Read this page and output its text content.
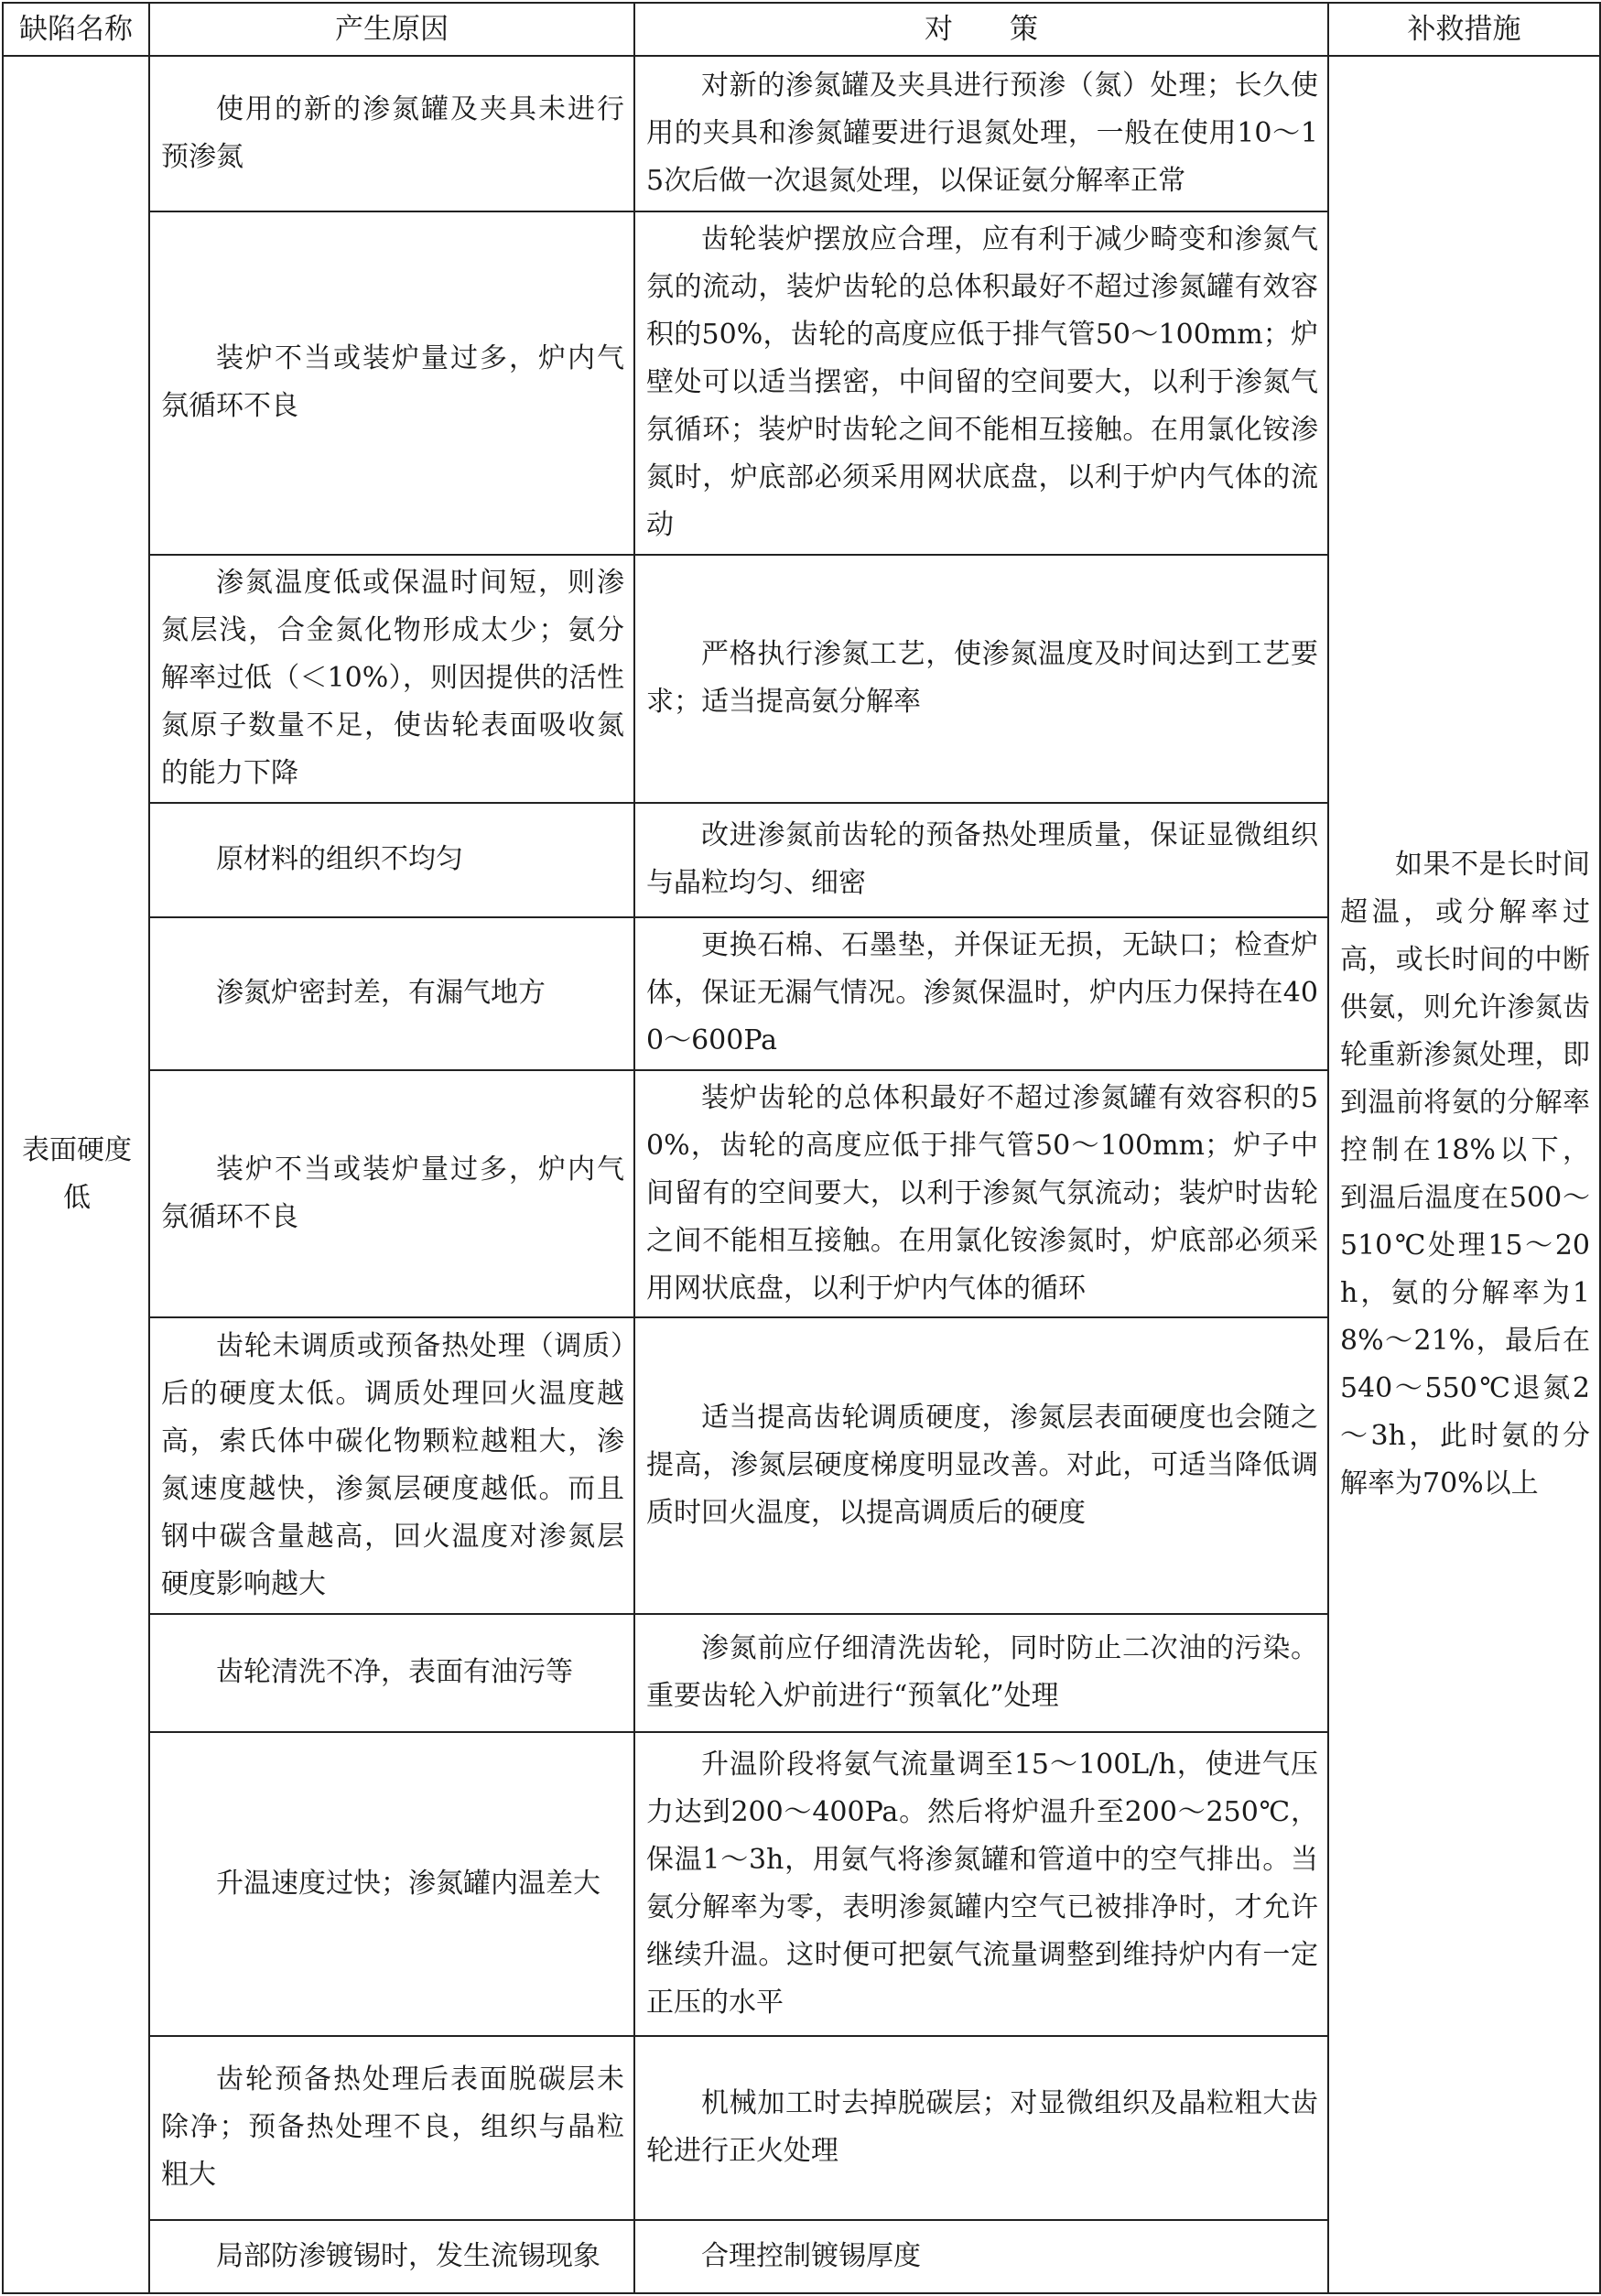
缺陷名称	产生原因	对　　策	补救措施
表面硬度低	使用的新的渗氮罐及夹具未进行预渗氮	对新的渗氮罐及夹具进行预渗（氮）处理；长久使用的夹具和渗氮罐要进行退氮处理，一般在使用10～15次后做一次退氮处理，以保证氨分解率正常	如果不是长时间超温，或分解率过高，或长时间的中断供氨，则允许渗氮齿轮重新渗氮处理，即到温前将氨的分解率控制在18%以下，到温后温度在500～510℃处理15～20h，氨的分解率为18%～21%，最后在540～550℃退氮2～3h，此时氨的分解率为70%以上
	装炉不当或装炉量过多，炉内气氛循环不良	齿轮装炉摆放应合理，应有利于减少畸变和渗氮气氛的流动，装炉齿轮的总体积最好不超过渗氮罐有效容积的50%，齿轮的高度应低于排气管50～100mm；炉壁处可以适当摆密，中间留的空间要大，以利于渗氮气氛循环；装炉时齿轮之间不能相互接触。在用氯化铵渗氮时，炉底部必须采用网状底盘，以利于炉内气体的流动	
	渗氮温度低或保温时间短，则渗氮层浅，合金氮化物形成太少；氨分解率过低（＜10%），则因提供的活性氮原子数量不足，使齿轮表面吸收氮的能力下降	严格执行渗氮工艺，使渗氮温度及时间达到工艺要求；适当提高氨分解率	
	原材料的组织不均匀	改进渗氮前齿轮的预备热处理质量，保证显微组织与晶粒均匀、细密	
	渗氮炉密封差，有漏气地方	更换石棉、石墨垫，并保证无损，无缺口；检查炉体，保证无漏气情况。渗氮保温时，炉内压力保持在400～600Pa	
	装炉不当或装炉量过多，炉内气氛循环不良	装炉齿轮的总体积最好不超过渗氮罐有效容积的50%，齿轮的高度应低于排气管50～100mm；炉子中间留有的空间要大，以利于渗氮气氛流动；装炉时齿轮之间不能相互接触。在用氯化铵渗氮时，炉底部必须采用网状底盘，以利于炉内气体的循环	
	齿轮未调质或预备热处理（调质）后的硬度太低。调质处理回火温度越高，索氏体中碳化物颗粒越粗大，渗氮速度越快，渗氮层硬度越低。而且钢中碳含量越高，回火温度对渗氮层硬度影响越大	适当提高齿轮调质硬度，渗氮层表面硬度也会随之提高，渗氮层硬度梯度明显改善。对此，可适当降低调质时回火温度，以提高调质后的硬度	
	齿轮清洗不净，表面有油污等	渗氮前应仔细清洗齿轮，同时防止二次油的污染。重要齿轮入炉前进行“预氧化”处理	
	升温速度过快；渗氮罐内温差大	升温阶段将氨气流量调至15～100L/h，使进气压力达到200～400Pa。然后将炉温升至200～250℃，保温1～3h，用氨气将渗氮罐和管道中的空气排出。当氨分解率为零，表明渗氮罐内空气已被排净时，才允许继续升温。这时便可把氨气流量调整到维持炉内有一定正压的水平	
	齿轮预备热处理后表面脱碳层未除净；预备热处理不良，组织与晶粒粗大	机械加工时去掉脱碳层；对显微组织及晶粒粗大齿轮进行正火处理	
	局部防渗镀锡时，发生流锡现象	合理控制镀锡厚度	
